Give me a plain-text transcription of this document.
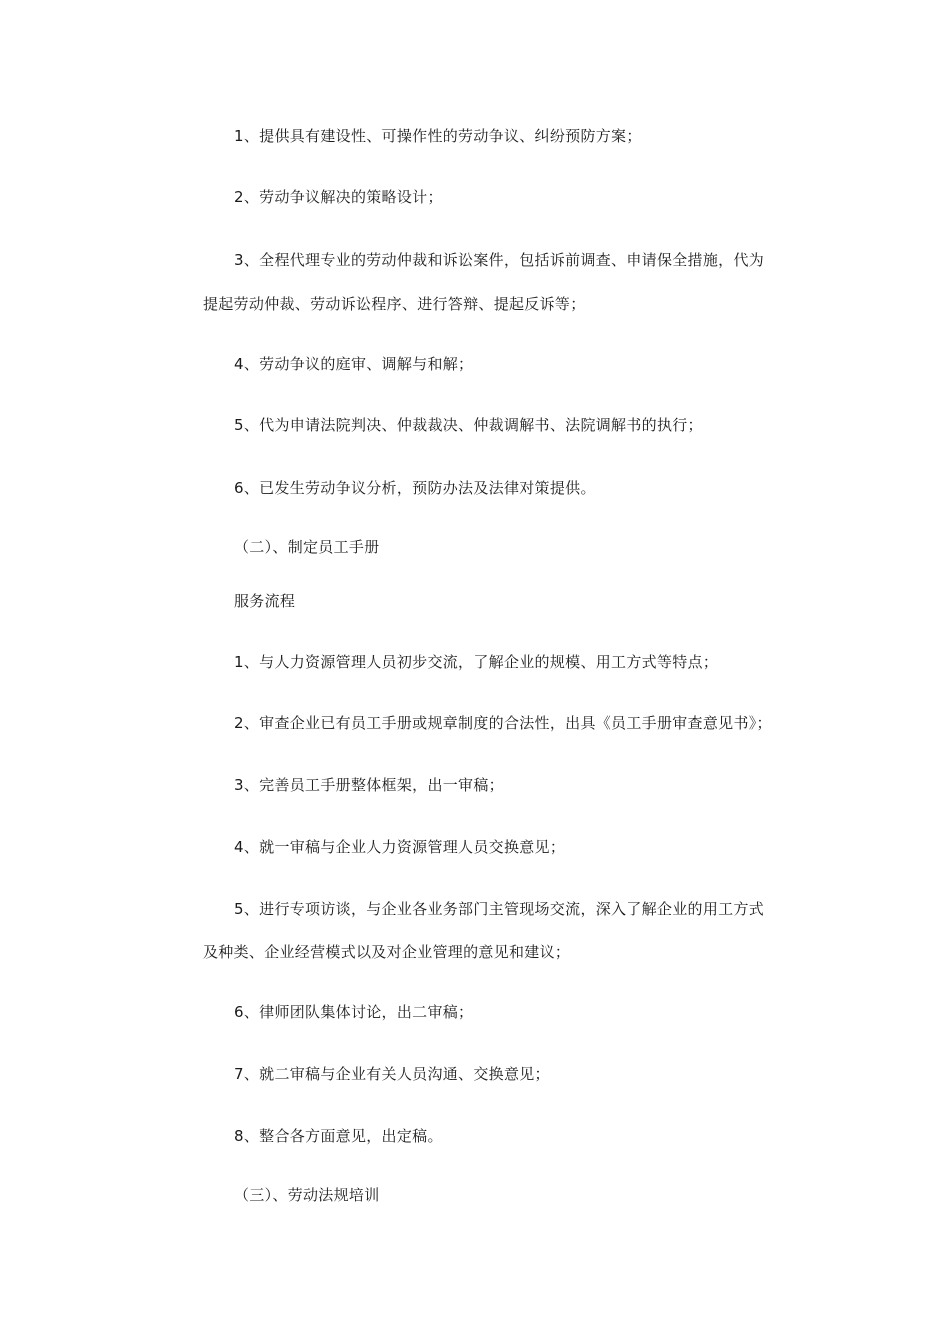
1、提供具有建设性、可操作性的劳动争议、纠纷预防方案；
2、劳动争议解决的策略设计；
3、全程代理专业的劳动仲裁和诉讼案件，包括诉前调查、申请保全措施，代为
提起劳动仲裁、劳动诉讼程序、进行答辩、提起反诉等；
4、劳动争议的庭审、调解与和解；
5、代为申请法院判决、仲裁裁决、仲裁调解书、法院调解书的执行；
6、已发生劳动争议分析，预防办法及法律对策提供。
（二）、制定员工手册
服务流程
1、与人力资源管理人员初步交流，了解企业的规模、用工方式等特点；
2、审查企业已有员工手册或规章制度的合法性，出具《员工手册审查意见书》；
3、完善员工手册整体框架，出一审稿；
4、就一审稿与企业人力资源管理人员交换意见；
5、进行专项访谈，与企业各业务部门主管现场交流，深入了解企业的用工方式
及种类、企业经营模式以及对企业管理的意见和建议；
6、律师团队集体讨论，出二审稿；
7、就二审稿与企业有关人员沟通、交换意见；
8、整合各方面意见，出定稿。
（三）、劳动法规培训
